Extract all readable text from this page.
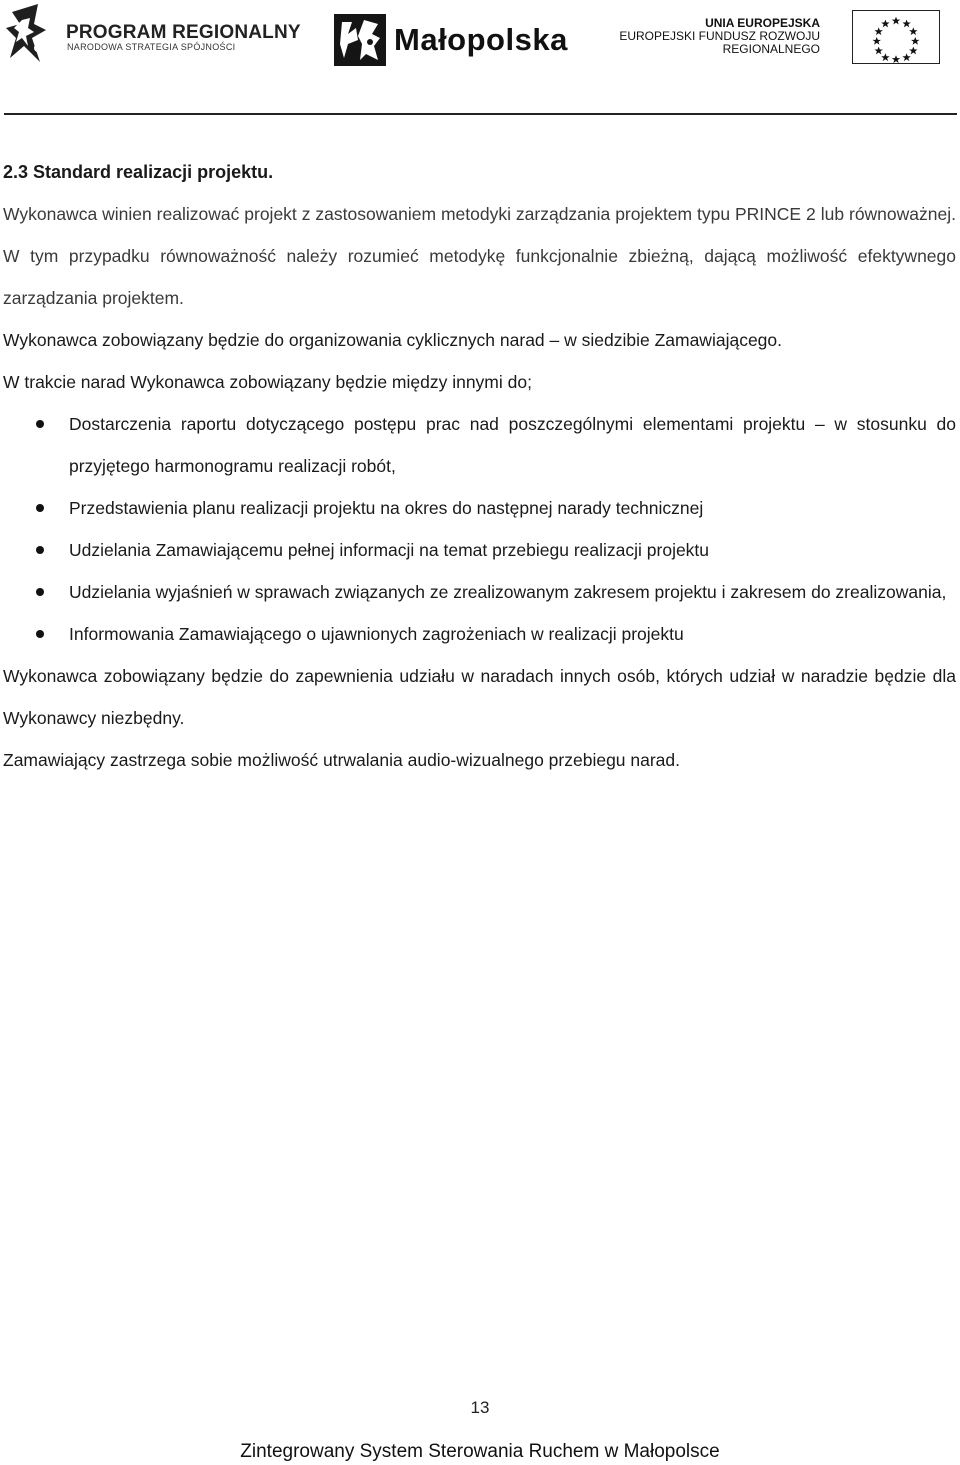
PROGRAM REGIONALNY
NARODOWA STRATEGIA SPÓJNOŚCI	Małopolska	UNIA EUROPEJSKA
EUROPEJSKI FUNDUSZ ROZWOJU
REGIONALNEGO
2.3 Standard realizacji projektu.

Wykonawca winien realizować projekt z zastosowaniem metodyki zarządzania projektem typu PRINCE 2 lub równoważnej. W tym przypadku równoważność należy rozumieć metodykę funkcjonalnie zbieżną, dającą możliwość efektywnego zarządzania projektem.

Wykonawca zobowiązany będzie do organizowania cyklicznych narad – w siedzibie Zamawiającego.

W trakcie narad Wykonawca zobowiązany będzie między innymi do;

Dostarczenia raportu dotyczącego postępu prac nad poszczególnymi elementami projektu – w stosunku do przyjętego harmonogramu realizacji robót,
Przedstawienia planu realizacji projektu na okres do następnej narady technicznej
Udzielania Zamawiającemu pełnej informacji na temat przebiegu realizacji projektu
Udzielania wyjaśnień w sprawach związanych ze zrealizowanym zakresem projektu i zakresem do zrealizowania,
Informowania Zamawiającego o ujawnionych zagrożeniach w realizacji projektu

Wykonawca zobowiązany będzie do zapewnienia udziału w naradach innych osób, których udział w naradzie będzie dla Wykonawcy niezbędny.

Zamawiający zastrzega sobie możliwość utrwalania audio-wizualnego przebiegu narad.

13
Zintegrowany System Sterowania Ruchem w Małopolsce
